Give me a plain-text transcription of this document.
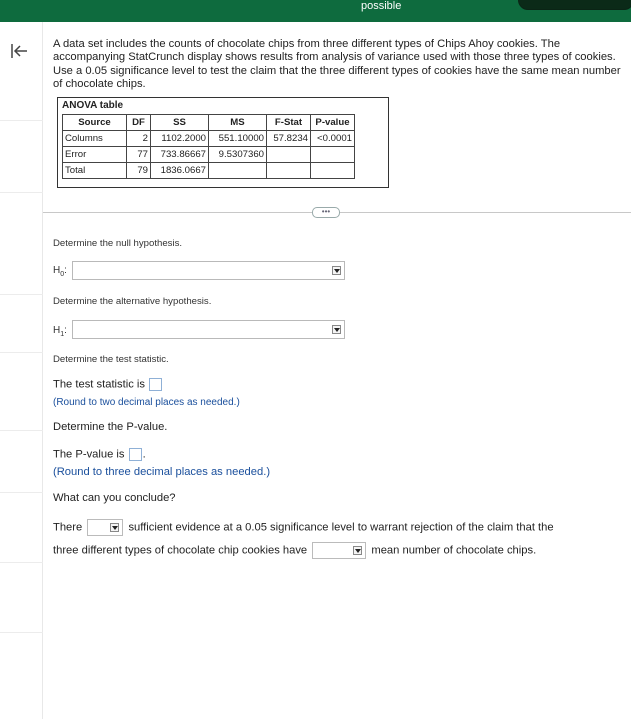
possible
A data set includes the counts of chocolate chips from three different types of Chips Ahoy cookies. The accompanying StatCrunch display shows results from analysis of variance used with those three types of cookies. Use a 0.05 significance level to test the claim that the three different types of cookies have the same mean number of chocolate chips.
ANOVA table
Source	DF	SS	MS	F-Stat	P-value
Columns	2	1102.2000	551.10000	57.8234	<0.0001
Error	77	733.86667	9.5307360		
Total	79	1836.0667			
•••
Determine the null hypothesis.
$H_0$:
Determine the alternative hypothesis.
$H_1$:
Determine the test statistic.
The test statistic is
(Round to two decimal places as needed.)
Determine the P-value.
The P-value is .
(Round to three decimal places as needed.)
What can you conclude?
There	sufficient evidence at a 0.05 significance level to warrant rejection of the claim that the
three different types of chocolate chip cookies have	mean number of chocolate chips.
